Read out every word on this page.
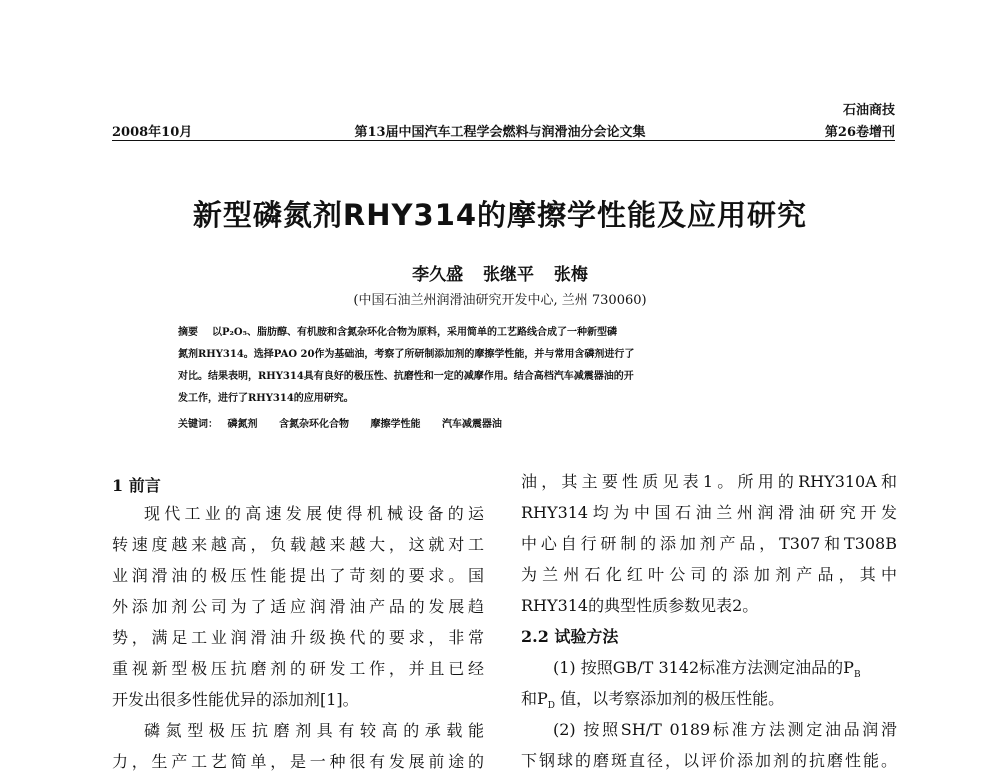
石油商技
2008年10月	第13届中国汽车工程学会燃料与润滑油分会论文集	第26卷增刊
新型磷氮剂RHY314的摩擦学性能及应用研究
李久盛 张继平 张梅
(中国石油兰州润滑油研究开发中心, 兰州 730060)
摘要 以P₂O₅、脂肪醇、有机胺和含氮杂环化合物为原料，采用简单的工艺路线合成了一种新型磷
氮剂RHY314。选择PAO 20作为基础油，考察了所研制添加剂的摩擦学性能，并与常用含磷剂进行了
对比。结果表明，RHY314具有良好的极压性、抗磨性和一定的减摩作用。结合高档汽车减震器油的开
发工作，进行了RHY314的应用研究。
关键词： 磷氮剂 含氮杂环化合物 摩擦学性能 汽车减震器油
1 前言
现代工业的高速发展使得机械设备的运
转速度越来越高，负载越来越大，这就对工
业润滑油的极压性能提出了苛刻的要求。国
外添加剂公司为了适应润滑油产品的发展趋
势，满足工业润滑油升级换代的要求，非常
重视新型极压抗磨剂的研发工作，并且已经
开发出很多性能优异的添加剂[1]。
磷氮型极压抗磨剂具有较高的承载能
力，生产工艺简单，是一种很有发展前途的
油，其主要性质见表1。所用的RHY310A和
RHY314均为中国石油兰州润滑油研究开发
中心自行研制的添加剂产品，T307和T308B
为兰州石化红叶公司的添加剂产品，其中
RHY314的典型性质参数见表2。
2.2 试验方法
(1) 按照GB/T 3142标准方法测定油品的$P_B$
和$P_D$ 值，以考察添加剂的极压性能。
(2) 按照SH/T 0189标准方法测定油品润滑
下钢球的磨斑直径，以评价添加剂的抗磨性能。
